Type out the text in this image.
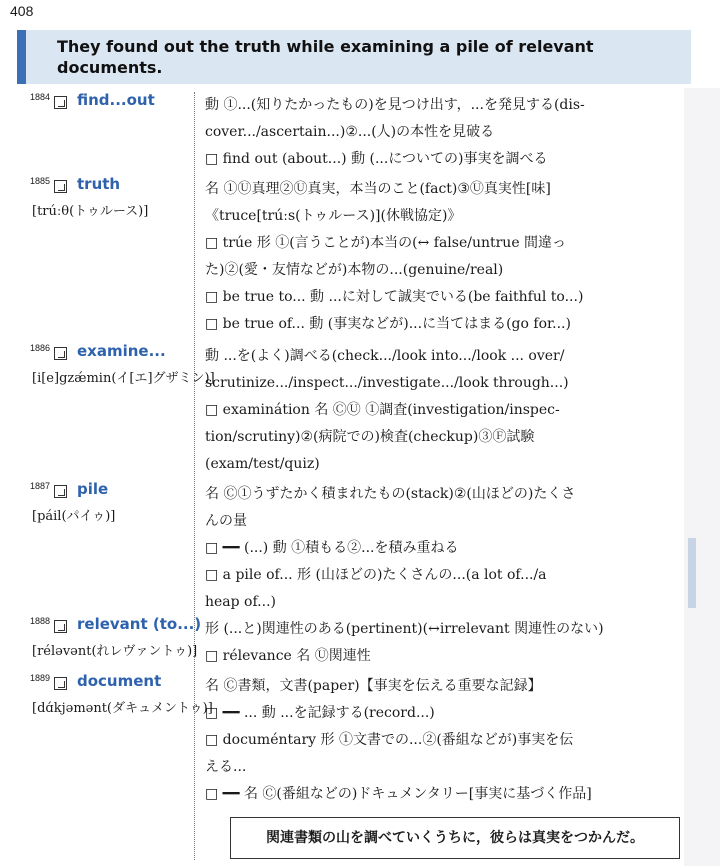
408
They found out the truth while examining a pile of relevant documents.
1884 find...out	動 ①...(知りたかったもの)を見つけ出す，...を発見する(dis-
cover.../ascertain...)②...(人)の本性を見破る
□ find out (about...) 動 (...についての)事実を調べる
1885 truth
[trúːθ(トゥルース)]
名 ①Ⓤ真理②Ⓤ真実，本当のこと(fact)③Ⓤ真実性[味]
《truce[trúːs(トゥルース)](休戦協定)》
□ trúe 形 ①(言うことが)本当の(↔ false/untrue 間違っ
た)②(愛・友情などが)本物の...(genuine/real)
□ be true to... 動 ...に対して誠実でいる(be faithful to...)
□ be true of... 動 (事実などが)...に当てはまる(go for...)
1886 examine...
[i[e]gzǽmin(イ[エ]グザミン)]
動 ...を(よく)調べる(check.../look into.../look ... over/
scrutinize.../inspect.../investigate.../look through...)
□ examinátion 名 ⒸⓊ ①調査(investigation/inspec-
tion/scrutiny)②(病院での)検査(checkup)③Ⓕ試験
(exam/test/quiz)
1887 pile
[páil(パイゥ)]
名 Ⓒ①うずたかく積まれたもの(stack)②(山ほどの)たくさ
んの量
□ ━━ (...) 動 ①積もる②...を積み重ねる
□ a pile of... 形 (山ほどの)たくさんの...(a lot of.../a
heap of...)
1888 relevant (to...)
[réləvənt(れレヴァントゥ)]
形 (...と)関連性のある(pertinent)(↔irrelevant 関連性のない)
□ rélevance 名 Ⓤ関連性
1889 document
[dɑ́kjəmənt(ダキュメントゥ)]
名 Ⓒ書類，文書(paper)【事実を伝える重要な記録】
□ ━━ ... 動 ...を記録する(record...)
□ documéntary 形 ①文書での...②(番組などが)事実を伝
える...
□ ━━ 名 Ⓒ(番組などの)ドキュメンタリー[事実に基づく作品]
関連書類の山を調べていくうちに，彼らは真実をつかんだ。
